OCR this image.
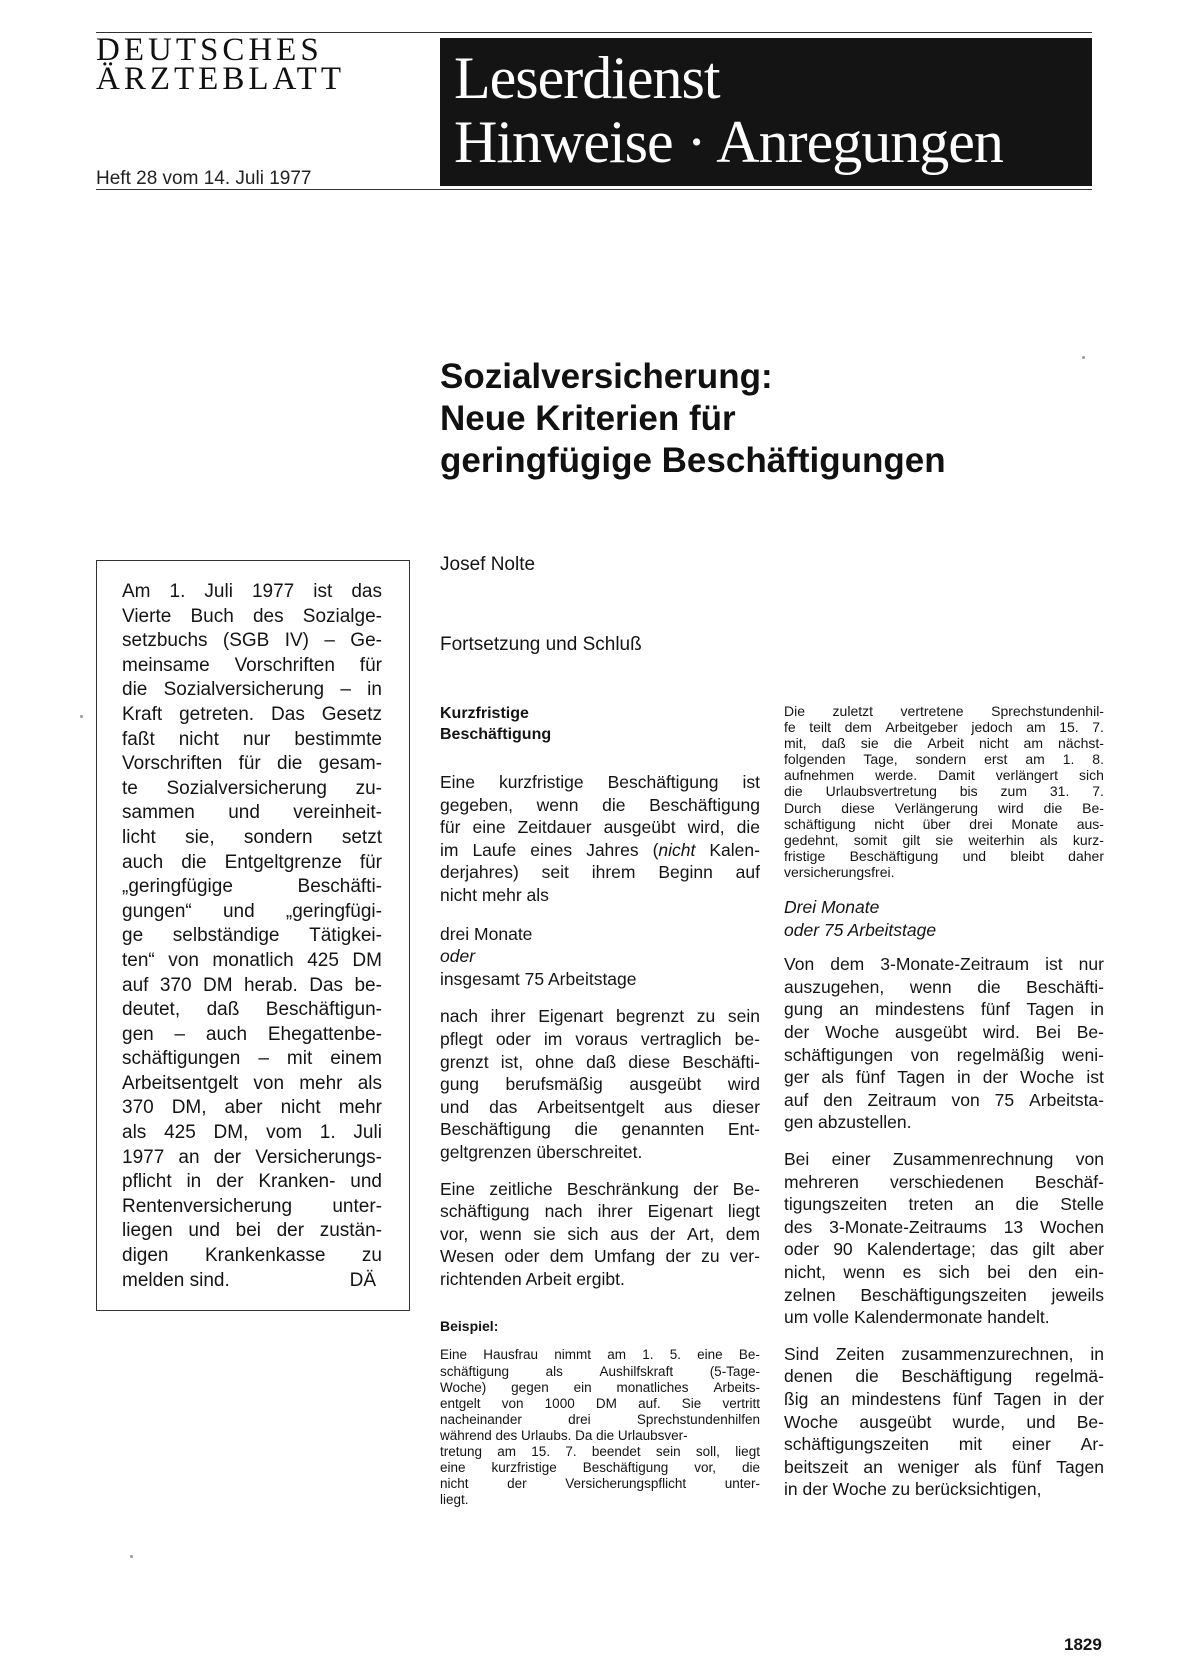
DEUTSCHES
ÄRZTEBLATT
Heft 28 vom 14. Juli 1977
Leserdienst
Hinweise · Anregungen
Sozialversicherung:
Neue Kriterien für
geringfügige Beschäftigungen
Am 1. Juli 1977 ist das
Vierte Buch des Sozialge-
setzbuchs (SGB IV) – Ge-
meinsame Vorschriften für
die Sozialversicherung – in
Kraft getreten. Das Gesetz
faßt nicht nur bestimmte
Vorschriften für die gesam-
te Sozialversicherung zu-
sammen und vereinheit-
licht sie, sondern setzt
auch die Entgeltgrenze für
„geringfügige	Beschäfti-
gungen“ und „geringfügi-
ge selbständige Tätigkei-
ten“ von monatlich 425 DM
auf 370 DM herab. Das be-
deutet, daß Beschäftigun-
gen – auch Ehegattenbe-
schäftigungen – mit einem
Arbeitsentgelt von mehr als
370 DM, aber nicht mehr
als 425 DM, vom 1. Juli
1977 an der Versicherungs-
pflicht in der Kranken- und
Rentenversicherung unter-
liegen und bei der zustän-
digen Krankenkasse zu
melden sind.	DÄ
Josef Nolte
Fortsetzung und Schluß
Kurzfristige
Beschäftigung
Eine kurzfristige Beschäftigung ist
gegeben, wenn die Beschäftigung
für eine Zeitdauer ausgeübt wird, die
im Laufe eines Jahres (nicht Kalen-
derjahres) seit ihrem Beginn auf
nicht mehr als
drei Monate
oder
insgesamt 75 Arbeitstage
nach ihrer Eigenart begrenzt zu sein
pflegt oder im voraus vertraglich be-
grenzt ist, ohne daß diese Beschäfti-
gung berufsmäßig ausgeübt wird
und das Arbeitsentgelt aus dieser
Beschäftigung die genannten Ent-
geltgrenzen überschreitet.
Eine zeitliche Beschränkung der Be-
schäftigung nach ihrer Eigenart liegt
vor, wenn sie sich aus der Art, dem
Wesen oder dem Umfang der zu ver-
richtenden Arbeit ergibt.
Beispiel:
Eine Hausfrau nimmt am 1. 5. eine Be-
schäftigung	als	Aushilfskraft	(5-Tage-
Woche) gegen ein monatliches Arbeits-
entgelt von 1000 DM auf. Sie vertritt
nacheinander	drei	Sprechstundenhilfen
während des Urlaubs. Da die Urlaubsver-
tretung am 15. 7. beendet sein soll, liegt
eine kurzfristige Beschäftigung vor, die
nicht	der	Versicherungspflicht	unter-
liegt.
Die zuletzt vertretene Sprechstundenhil-
fe teilt dem Arbeitgeber jedoch am 15. 7.
mit, daß sie die Arbeit nicht am nächst-
folgenden Tage, sondern erst am 1. 8.
aufnehmen werde. Damit verlängert sich
die Urlaubsvertretung bis zum 31. 7.
Durch diese Verlängerung wird die Be-
schäftigung nicht über drei Monate aus-
gedehnt, somit gilt sie weiterhin als kurz-
fristige Beschäftigung und bleibt daher
versicherungsfrei.
Drei Monate
oder 75 Arbeitstage
Von dem 3-Monate-Zeitraum ist nur
auszugehen, wenn die Beschäfti-
gung an mindestens fünf Tagen in
der Woche ausgeübt wird. Bei Be-
schäftigungen von regelmäßig weni-
ger als fünf Tagen in der Woche ist
auf den Zeitraum von 75 Arbeitsta-
gen abzustellen.
Bei einer Zusammenrechnung von
mehreren verschiedenen Beschäf-
tigungszeiten treten an die Stelle
des 3-Monate-Zeitraums 13 Wochen
oder 90 Kalendertage; das gilt aber
nicht, wenn es sich bei den ein-
zelnen Beschäftigungszeiten jeweils
um volle Kalendermonate handelt.
Sind Zeiten zusammenzurechnen, in
denen die Beschäftigung regelmä-
ßig an mindestens fünf Tagen in der
Woche ausgeübt wurde, und Be-
schäftigungszeiten mit einer Ar-
beitszeit an weniger als fünf Tagen
in der Woche zu berücksichtigen,
1829
